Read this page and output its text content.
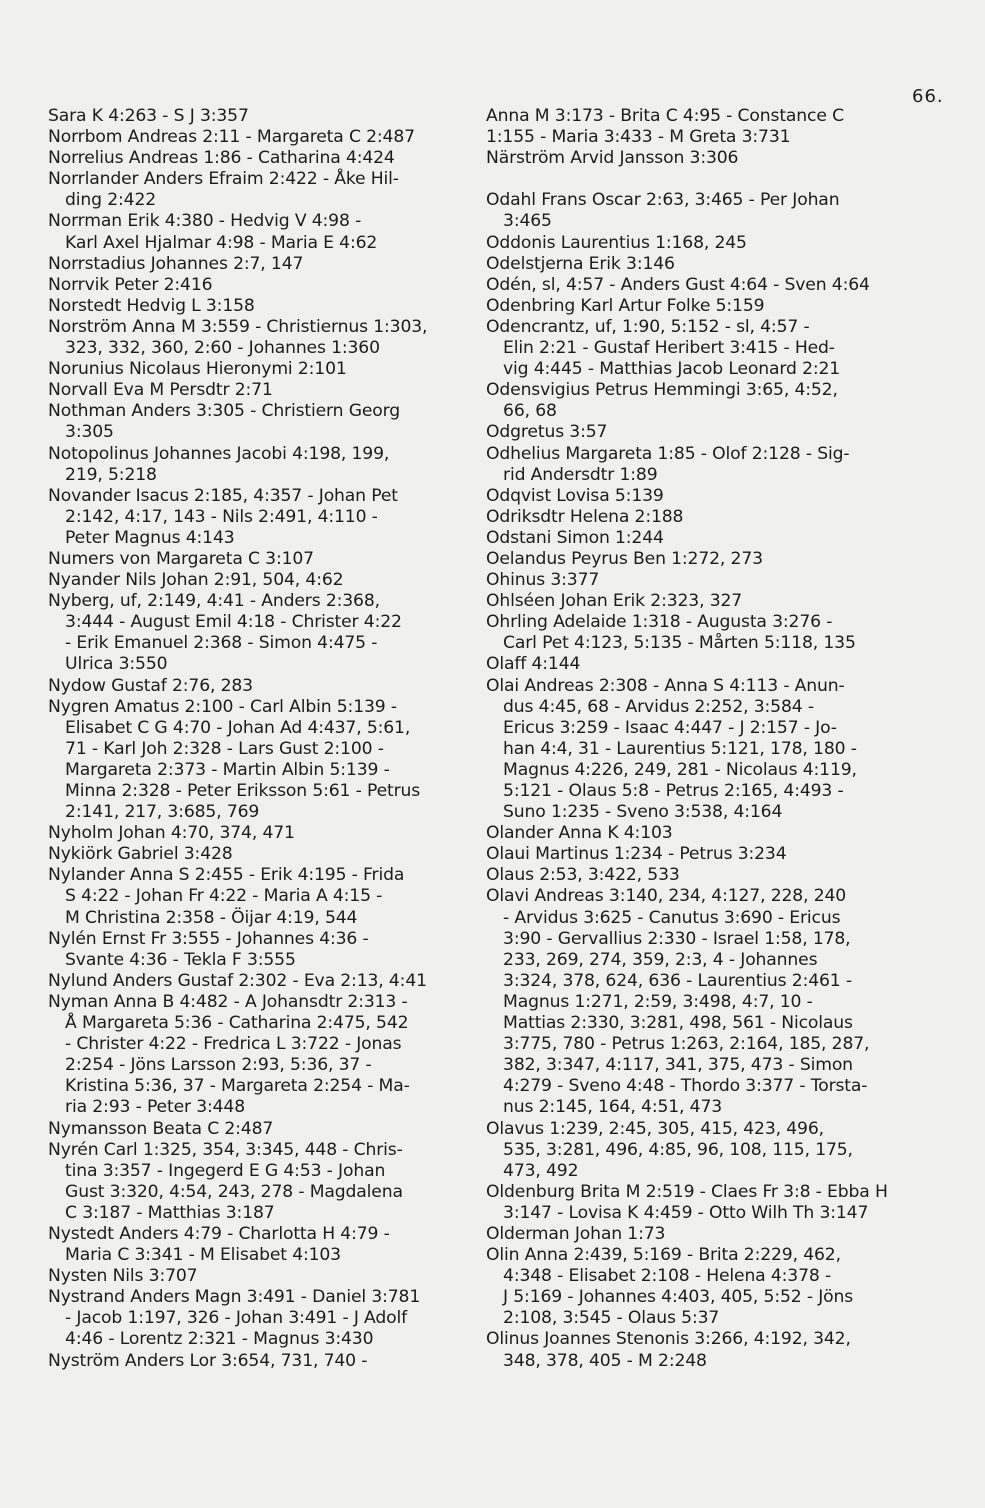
66.
Sara K 4:263 - S J 3:357
Norrbom Andreas 2:11 - Margareta C 2:487
Norrelius Andreas 1:86 - Catharina 4:424
Norrlander Anders Efraim 2:422 - Åke Hil-
 ding 2:422
Norrman Erik 4:380 - Hedvig V 4:98 -
 Karl Axel Hjalmar 4:98 - Maria E 4:62
Norrstadius Johannes 2:7, 147
Norrvik Peter 2:416
Norstedt Hedvig L 3:158
Norström Anna M 3:559 - Christiernus 1:303,
 323, 332, 360, 2:60 - Johannes 1:360
Norunius Nicolaus Hieronymi 2:101
Norvall Eva M Persdtr 2:71
Nothman Anders 3:305 - Christiern Georg
 3:305
Notopolinus Johannes Jacobi 4:198, 199,
 219, 5:218
Novander Isacus 2:185, 4:357 - Johan Pet
 2:142, 4:17, 143 - Nils 2:491, 4:110 -
 Peter Magnus 4:143
Numers von Margareta C 3:107
Nyander Nils Johan 2:91, 504, 4:62
Nyberg, uf, 2:149, 4:41 - Anders 2:368,
 3:444 - August Emil 4:18 - Christer 4:22
 - Erik Emanuel 2:368 - Simon 4:475 -
 Ulrica 3:550
Nydow Gustaf 2:76, 283
Nygren Amatus 2:100 - Carl Albin 5:139 -
 Elisabet C G 4:70 - Johan Ad 4:437, 5:61,
 71 - Karl Joh 2:328 - Lars Gust 2:100 -
 Margareta 2:373 - Martin Albin 5:139 -
 Minna 2:328 - Peter Eriksson 5:61 - Petrus
 2:141, 217, 3:685, 769
Nyholm Johan 4:70, 374, 471
Nykiörk Gabriel 3:428
Nylander Anna S 2:455 - Erik 4:195 - Frida
 S 4:22 - Johan Fr 4:22 - Maria A 4:15 -
 M Christina 2:358 - Öijar 4:19, 544
Nylén Ernst Fr 3:555 - Johannes 4:36 -
 Svante 4:36 - Tekla F 3:555
Nylund Anders Gustaf 2:302 - Eva 2:13, 4:41
Nyman Anna B 4:482 - A Johansdtr 2:313 -
 Å Margareta 5:36 - Catharina 2:475, 542
 - Christer 4:22 - Fredrica L 3:722 - Jonas
 2:254 - Jöns Larsson 2:93, 5:36, 37 -
 Kristina 5:36, 37 - Margareta 2:254 - Ma-
 ria 2:93 - Peter 3:448
Nymansson Beata C 2:487
Nyrén Carl 1:325, 354, 3:345, 448 - Chris-
 tina 3:357 - Ingegerd E G 4:53 - Johan
 Gust 3:320, 4:54, 243, 278 - Magdalena
 C 3:187 - Matthias 3:187
Nystedt Anders 4:79 - Charlotta H 4:79 -
 Maria C 3:341 - M Elisabet 4:103
Nysten Nils 3:707
Nystrand Anders Magn 3:491 - Daniel 3:781
 - Jacob 1:197, 326 - Johan 3:491 - J Adolf
 4:46 - Lorentz 2:321 - Magnus 3:430
Nyström Anders Lor 3:654, 731, 740 -
Anna M 3:173 - Brita C 4:95 - Constance C
1:155 - Maria 3:433 - M Greta 3:731
Närström Arvid Jansson 3:306
Odahl Frans Oscar 2:63, 3:465 - Per Johan
 3:465
Oddonis Laurentius 1:168, 245
Odelstjerna Erik 3:146
Odén, sl, 4:57 - Anders Gust 4:64 - Sven 4:64
Odenbring Karl Artur Folke 5:159
Odencrantz, uf, 1:90, 5:152 - sl, 4:57 -
 Elin 2:21 - Gustaf Heribert 3:415 - Hed-
 vig 4:445 - Matthias Jacob Leonard 2:21
Odensvigius Petrus Hemmingi 3:65, 4:52,
 66, 68
Odgretus 3:57
Odhelius Margareta 1:85 - Olof 2:128 - Sig-
 rid Andersdtr 1:89
Odqvist Lovisa 5:139
Odriksdtr Helena 2:188
Odstani Simon 1:244
Oelandus Peyrus Ben 1:272, 273
Ohinus 3:377
Ohlséen Johan Erik 2:323, 327
Ohrling Adelaide 1:318 - Augusta 3:276 -
 Carl Pet 4:123, 5:135 - Mårten 5:118, 135
Olaff 4:144
Olai Andreas 2:308 - Anna S 4:113 - Anun-
 dus 4:45, 68 - Arvidus 2:252, 3:584 -
 Ericus 3:259 - Isaac 4:447 - J 2:157 - Jo-
 han 4:4, 31 - Laurentius 5:121, 178, 180 -
 Magnus 4:226, 249, 281 - Nicolaus 4:119,
 5:121 - Olaus 5:8 - Petrus 2:165, 4:493 -
 Suno 1:235 - Sveno 3:538, 4:164
Olander Anna K 4:103
Olaui Martinus 1:234 - Petrus 3:234
Olaus 2:53, 3:422, 533
Olavi Andreas 3:140, 234, 4:127, 228, 240
 - Arvidus 3:625 - Canutus 3:690 - Ericus
 3:90 - Gervallius 2:330 - Israel 1:58, 178,
 233, 269, 274, 359, 2:3, 4 - Johannes
 3:324, 378, 624, 636 - Laurentius 2:461 -
 Magnus 1:271, 2:59, 3:498, 4:7, 10 -
 Mattias 2:330, 3:281, 498, 561 - Nicolaus
 3:775, 780 - Petrus 1:263, 2:164, 185, 287,
 382, 3:347, 4:117, 341, 375, 473 - Simon
 4:279 - Sveno 4:48 - Thordo 3:377 - Torsta-
 nus 2:145, 164, 4:51, 473
Olavus 1:239, 2:45, 305, 415, 423, 496,
 535, 3:281, 496, 4:85, 96, 108, 115, 175,
 473, 492
Oldenburg Brita M 2:519 - Claes Fr 3:8 - Ebba H
 3:147 - Lovisa K 4:459 - Otto Wilh Th 3:147
Olderman Johan 1:73
Olin Anna 2:439, 5:169 - Brita 2:229, 462,
 4:348 - Elisabet 2:108 - Helena 4:378 -
 J 5:169 - Johannes 4:403, 405, 5:52 - Jöns
 2:108, 3:545 - Olaus 5:37
Olinus Joannes Stenonis 3:266, 4:192, 342,
 348, 378, 405 - M 2:248
